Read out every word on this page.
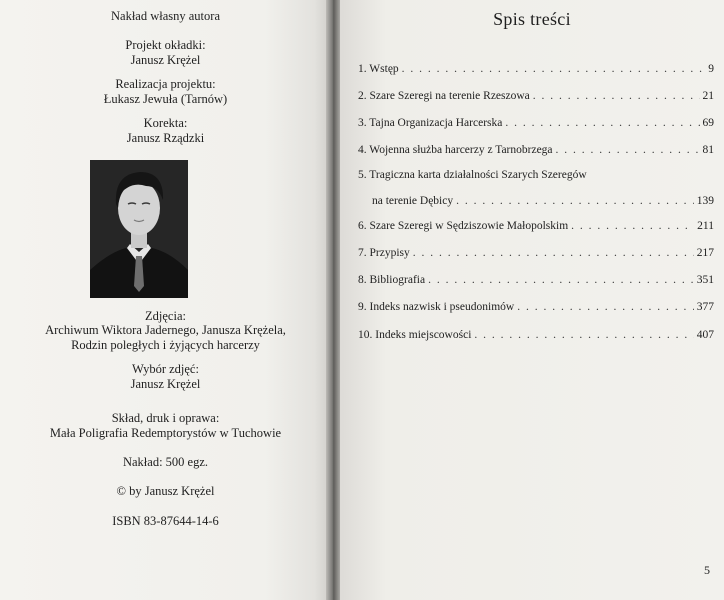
Nakład własny autora
Projekt okładki:
Janusz Krężel
Realizacja projektu:
Łukasz Jewuła (Tarnów)
Korekta:
Janusz Rządzki
Zdjęcia:
Archiwum Wiktora Jadernego, Janusza Krężela,
Rodzin poległych i żyjących harcerzy
Wybór zdjęć:
Janusz Krężel
Skład, druk i oprawa:
Mała Poligrafia Redemptorystów w Tuchowie
Nakład: 500 egz.
© by Janusz Krężel
ISBN 83-87644-14-6
Spis treści
1. Wstęp . . .	9
2. Szare Szeregi na terenie Rzeszowa . . .	21
3. Tajna Organizacja Harcerska . . .	69
4. Wojenna służba harcerzy z Tarnobrzega . . .	81
5. Tragiczna karta działalności Szarych Szeregów
na terenie Dębicy . . .	139
6. Szare Szeregi w Sędziszowie Małopolskim . . .	211
7. Przypisy . . .	217
8. Bibliografia . . .	351
9. Indeks nazwisk i pseudonimów . . .	377
10. Indeks miejscowości . . .	407
5
